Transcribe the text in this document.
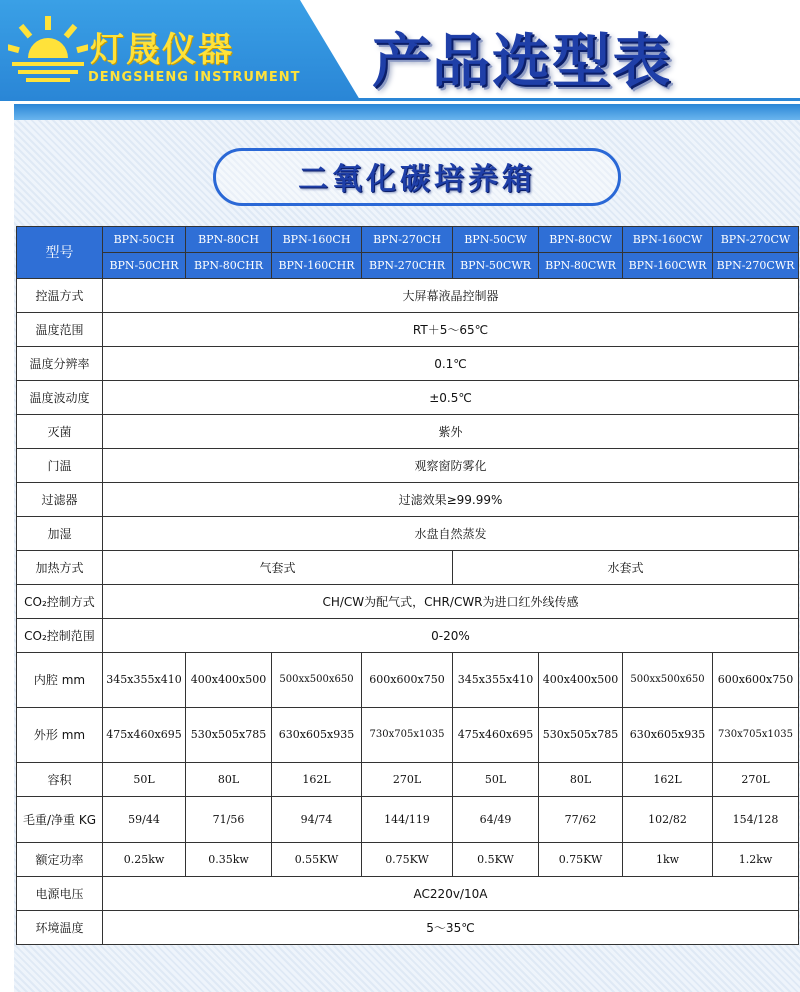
灯晟仪器
DENGSHENG INSTRUMENT 产品选型表
二氧化碳培养箱
型号	BPN-50CH	BPN-80CH	BPN-160CH	BPN-270CH	BPN-50CW	BPN-80CW	BPN-160CW	BPN-270CW
	BPN-50CHR	BPN-80CHR	BPN-160CHR	BPN-270CHR	BPN-50CWR	BPN-80CWR	BPN-160CWR	BPN-270CWR
控温方式	大屏幕液晶控制器							
温度范围	RT＋5～65℃							
温度分辨率	0.1℃							
温度波动度	±0.5℃							
灭菌	紫外							
门温	观察窗防雾化							
过滤器	过滤效果≥99.99%							
加湿	水盘自然蒸发							
加热方式	气套式				水套式			
CO₂控制方式	CH/CW为配气式，CHR/CWR为进口红外线传感							
CO₂控制范围	0-20%							
内腔 mm	345x355x410	400x400x500	500xx500x650	600x600x750	345x355x410	400x400x500	500xx500x650	600x600x750
外形 mm	475x460x695	530x505x785	630x605x935	730x705x1035	475x460x695	530x505x785	630x605x935	730x705x1035
容积	50L	80L	162L	270L	50L	80L	162L	270L
毛重/净重 KG	59/44	71/56	94/74	144/119	64/49	77/62	102/82	154/128
额定功率	0.25kw	0.35kw	0.55KW	0.75KW	0.5KW	0.75KW	1kw	1.2kw
电源电压	AC220v/10A							
环境温度	5～35℃							
